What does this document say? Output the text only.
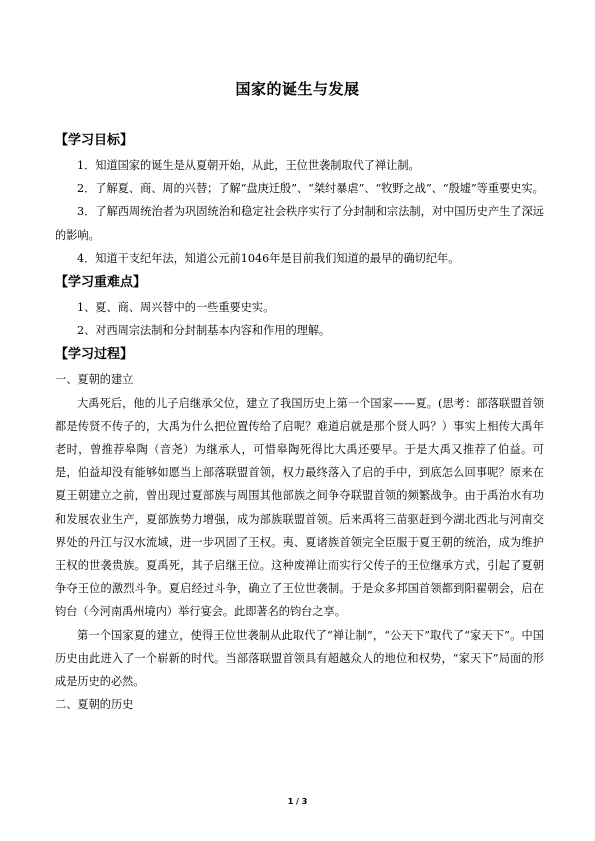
国家的诞生与发展
【学习目标】

1．知道国家的诞生是从夏朝开始，从此，王位世袭制取代了禅让制。

2．了解夏、商、周的兴替；了解“盘庚迁殷”、“桀纣暴虐”、“牧野之战”、“殷墟”等重要史实。

3．了解西周统治者为巩固统治和稳定社会秩序实行了分封制和宗法制，对中国历史产生了深远的影响。

4．知道干支纪年法，知道公元前1046年是目前我们知道的最早的确切纪年。

【学习重难点】

1、夏、商、周兴替中的一些重要史实。

2、对西周宗法制和分封制基本内容和作用的理解。

【学习过程】

一、夏朝的建立

大禹死后，他的儿子启继承父位，建立了我国历史上第一个国家——夏。(思考：部落联盟首领都是传贤不传子的，大禹为什么把位置传给了启呢？难道启就是那个贤人吗？）事实上相传大禹年老时，曾推荐皋陶（音尧）为继承人，可惜皋陶死得比大禹还要早。于是大禹又推荐了伯益。可是，伯益却没有能够如愿当上部落联盟首领，权力最终落入了启的手中，到底怎么回事呢？原来在夏王朝建立之前，曾出现过夏部族与周围其他部族之间争夺联盟首领的频繁战争。由于禹治水有功和发展农业生产，夏部族势力增强，成为部族联盟首领。后来禹将三苗驱赶到今湖北西北与河南交界处的丹江与汉水流域，进一步巩固了王权。夷、夏诸族首领完全臣服于夏王朝的统治，成为维护王权的世袭贵族。夏禹死，其子启继王位。这种废禅让而实行父传子的王位继承方式，引起了夏朝争夺王位的激烈斗争。夏启经过斗争，确立了王位世袭制。于是众多邦国首领都到阳翟朝会，启在钧台（今河南禹州境内）举行宴会。此即著名的钧台之享。

第一个国家夏的建立，使得王位世袭制从此取代了“禅让制”，“公天下”取代了“家天下”。中国历史由此进入了一个崭新的时代。当部落联盟首领具有超越众人的地位和权势，“家天下”局面的形成是历史的必然。

二、夏朝的历史

1 / 3
